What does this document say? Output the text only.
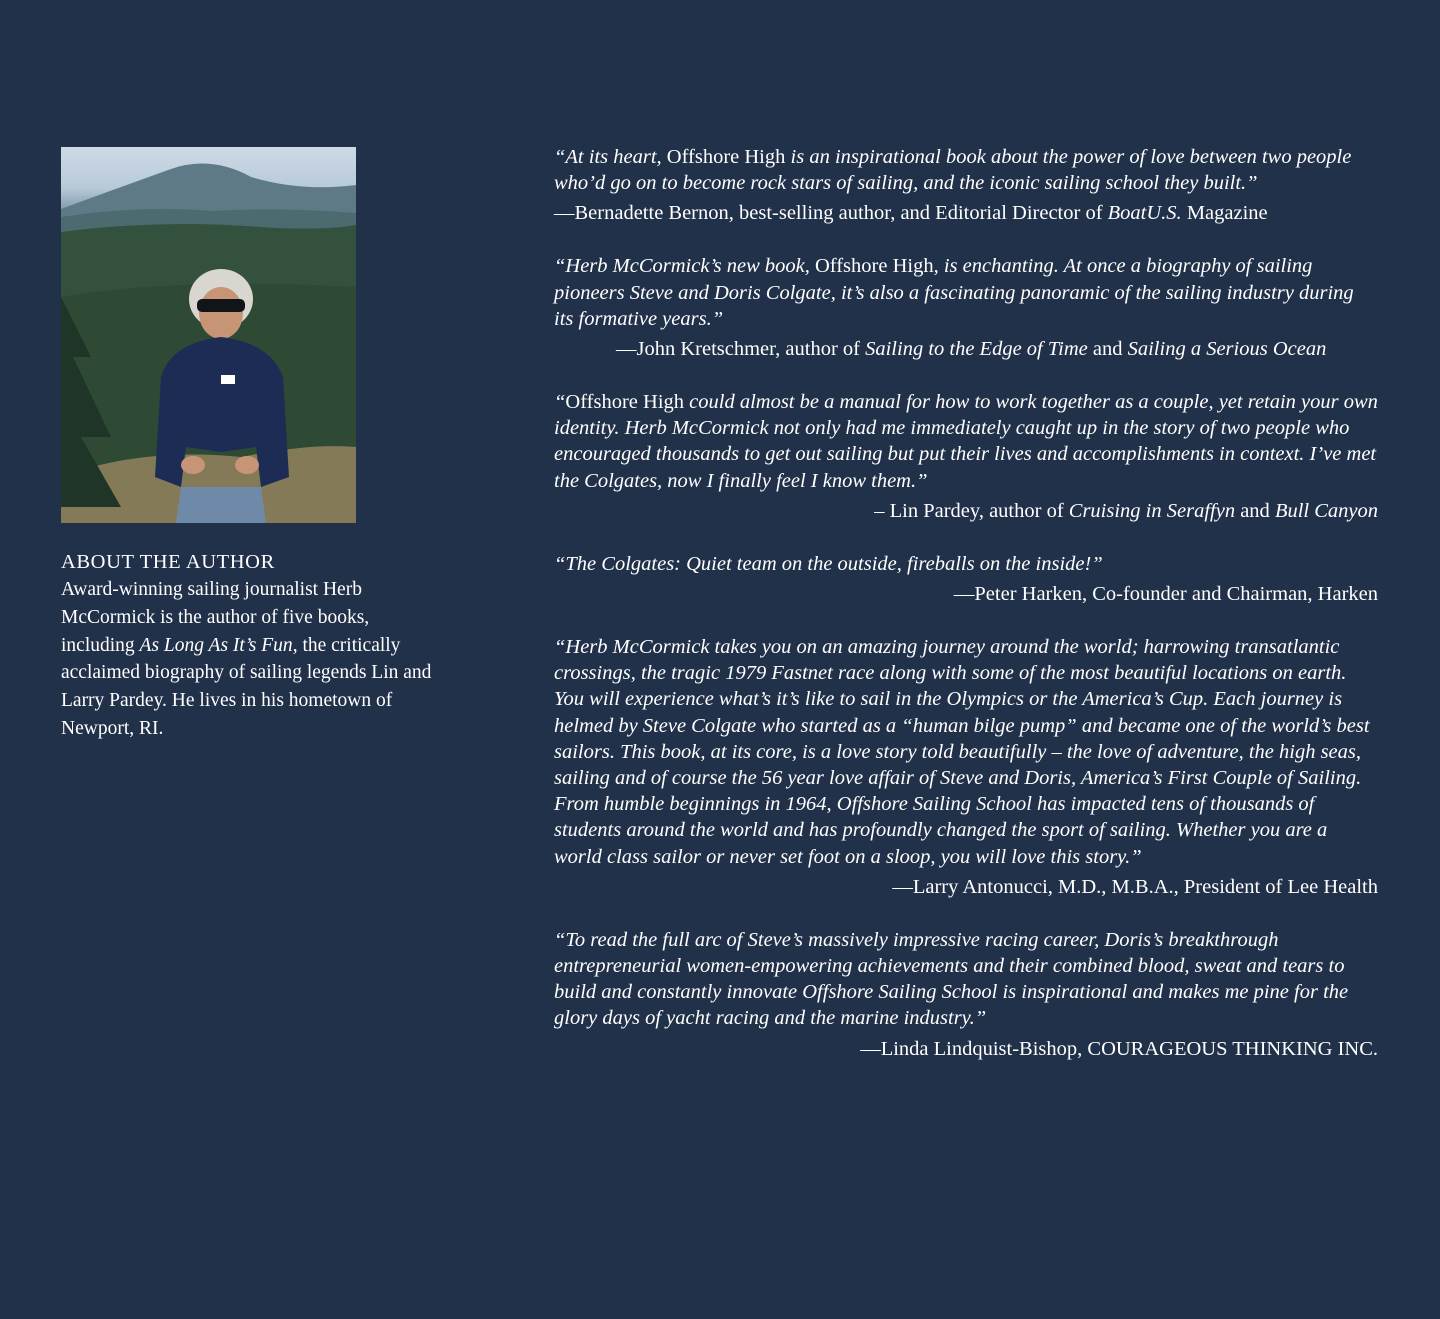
ABOUT THE AUTHOR

Award-winning sailing journalist Herb McCormick is the author of five books, including As Long As It’s Fun, the critically acclaimed biography of sailing legends Lin and Larry Pardey. He lives in his hometown of Newport, RI.

“At its heart, Offshore High is an inspirational book about the power of love between two people who’d go on to become rock stars of sailing, and the iconic sailing school they built.”

—Bernadette Bernon, best-selling author, and Editorial Director of BoatU.S. Magazine

“Herb McCormick’s new book, Offshore High, is enchanting. At once a biography of sailing pioneers Steve and Doris Colgate, it’s also a fascinating panoramic of the sailing industry during its formative years.”

—John Kretschmer, author of Sailing to the Edge of Time and Sailing a Serious Ocean

“Offshore High could almost be a manual for how to work together as a couple, yet retain your own identity. Herb McCormick not only had me immediately caught up in the story of two people who encouraged thousands to get out sailing but put their lives and accomplishments in context. I’ve met the Colgates, now I finally feel I know them.”

– Lin Pardey, author of Cruising in Seraffyn and Bull Canyon

“The Colgates: Quiet team on the outside, fireballs on the inside!”

—Peter Harken, Co-founder and Chairman, Harken

“Herb McCormick takes you on an amazing journey around the world; harrowing transatlantic crossings, the tragic 1979 Fastnet race along with some of the most beautiful locations on earth. You will experience what’s it’s like to sail in the Olympics or the America’s Cup. Each journey is helmed by Steve Colgate who started as a “human bilge pump” and became one of the world’s best sailors. This book, at its core, is a love story told beautifully – the love of adventure, the high seas, sailing and of course the 56 year love affair of Steve and Doris, America’s First Couple of Sailing. From humble beginnings in 1964, Offshore Sailing School has impacted tens of thousands of students around the world and has profoundly changed the sport of sailing. Whether you are a world class sailor or never set foot on a sloop, you will love this story.”

—Larry Antonucci, M.D., M.B.A., President of Lee Health

“To read the full arc of Steve’s massively impressive racing career, Doris’s breakthrough entrepreneurial women-empowering achievements and their combined blood, sweat and tears to build and constantly innovate Offshore Sailing School is inspirational and makes me pine for the glory days of yacht racing and the marine industry.”

—Linda Lindquist-Bishop, COURAGEOUS THINKING INC.
